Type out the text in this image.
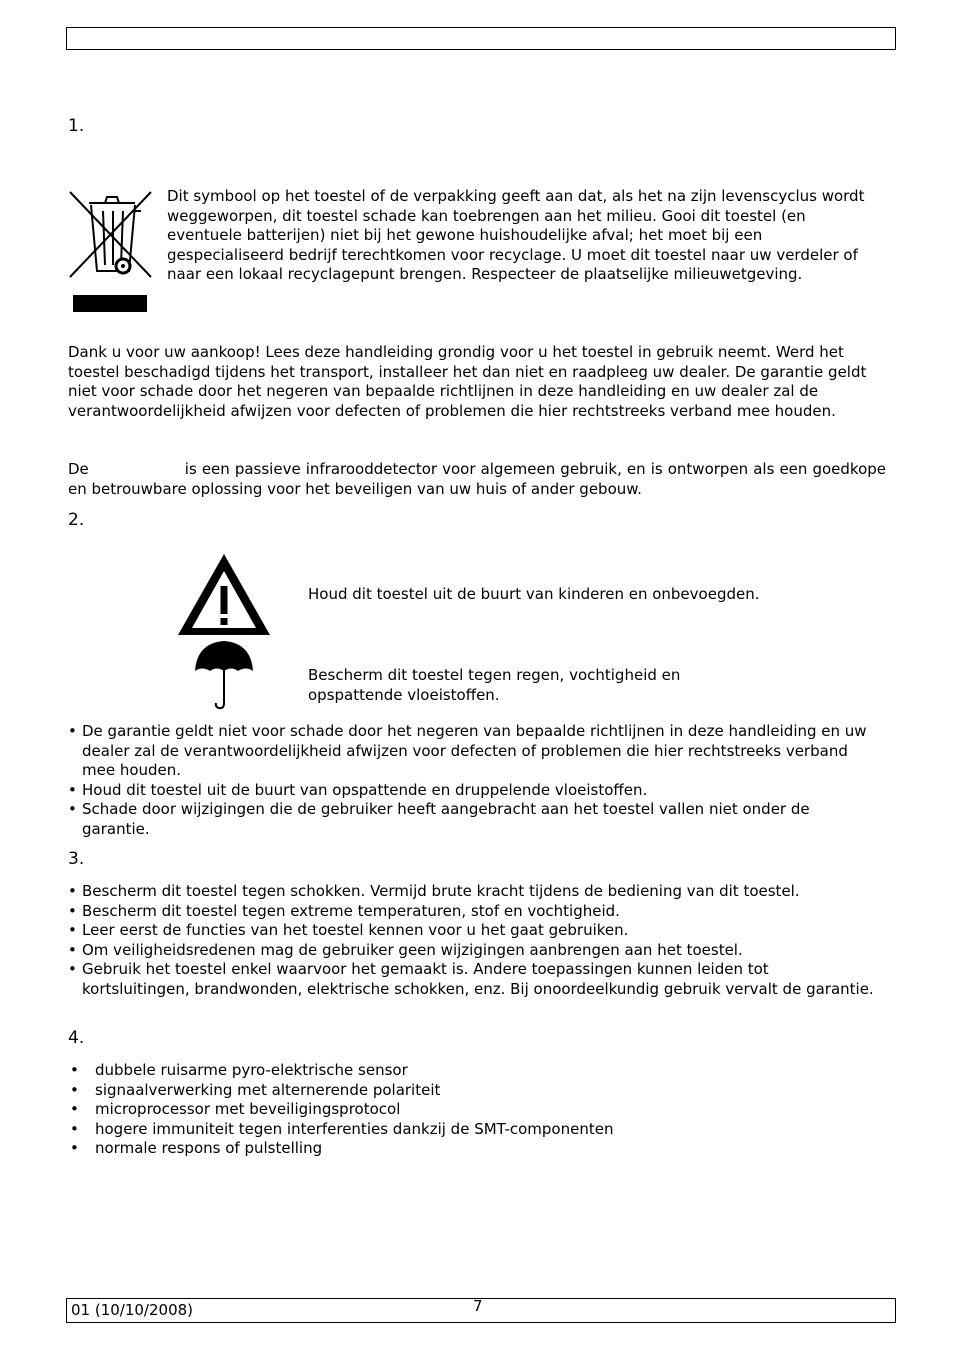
1.
Dit symbool op het toestel of de verpakking geeft aan dat, als het na zijn levenscyclus wordt weggeworpen, dit toestel schade kan toebrengen aan het milieu. Gooi dit toestel (en eventuele batterijen) niet bij het gewone huishoudelijke afval; het moet bij een gespecialiseerd bedrijf terechtkomen voor recyclage. U moet dit toestel naar uw verdeler of naar een lokaal recyclagepunt brengen. Respecteer de plaatselijke milieuwetgeving.
Dank u voor uw aankoop! Lees deze handleiding grondig voor u het toestel in gebruik neemt. Werd het toestel beschadigd tijdens het transport, installeer het dan niet en raadpleeg uw dealer. De garantie geldt niet voor schade door het negeren van bepaalde richtlijnen in deze handleiding en uw dealer zal de verantwoordelijkheid afwijzen voor defecten of problemen die hier rechtstreeks verband mee houden.
De	is een passieve infrarooddetector voor algemeen gebruik, en is ontworpen als een goedkope en betrouwbare oplossing voor het beveiligen van uw huis of ander gebouw.
2.
Houd dit toestel uit de buurt van kinderen en onbevoegden.
Bescherm dit toestel tegen regen, vochtigheid en opspattende vloeistoffen.
• De garantie geldt niet voor schade door het negeren van bepaalde richtlijnen in deze handleiding en uw dealer zal de verantwoordelijkheid afwijzen voor defecten of problemen die hier rechtstreeks verband mee houden.
• Houd dit toestel uit de buurt van opspattende en druppelende vloeistoffen.
• Schade door wijzigingen die de gebruiker heeft aangebracht aan het toestel vallen niet onder de garantie.
3.
• Bescherm dit toestel tegen schokken. Vermijd brute kracht tijdens de bediening van dit toestel.
• Bescherm dit toestel tegen extreme temperaturen, stof en vochtigheid.
• Leer eerst de functies van het toestel kennen voor u het gaat gebruiken.
• Om veiligheidsredenen mag de gebruiker geen wijzigingen aanbrengen aan het toestel.
• Gebruik het toestel enkel waarvoor het gemaakt is. Andere toepassingen kunnen leiden tot kortsluitingen, brandwonden, elektrische schokken, enz. Bij onoordeelkundig gebruik vervalt de garantie.
4.
• dubbele ruisarme pyro-elektrische sensor
• signaalverwerking met alternerende polariteit
• microprocessor met beveiligingsprotocol
• hogere immuniteit tegen interferenties dankzij de SMT-componenten
• normale respons of pulstelling
01 (10/10/2008)	7
